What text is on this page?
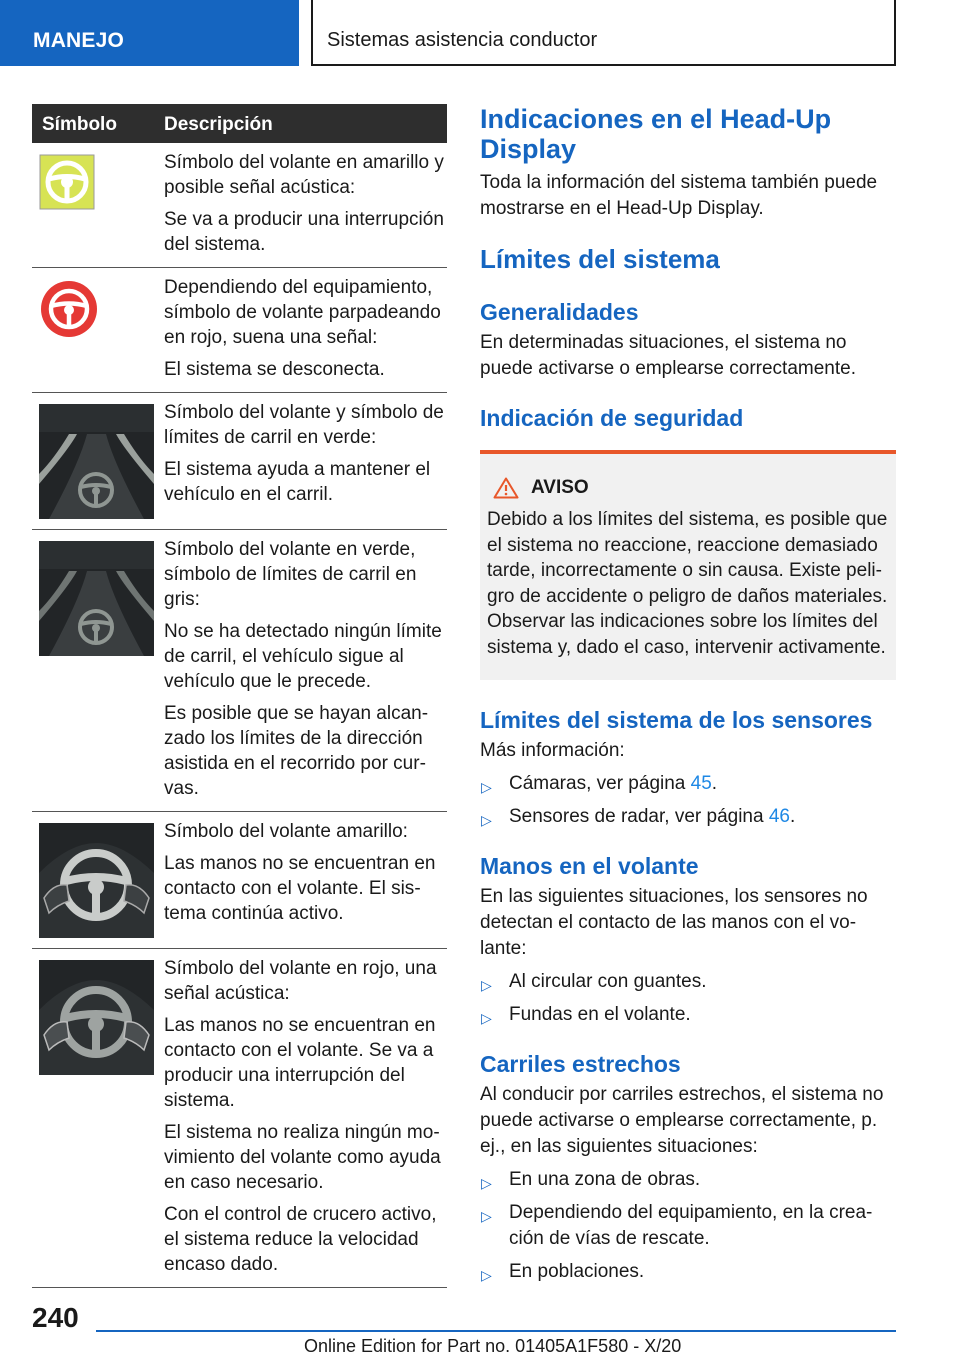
MANEJO	Sistemas asistencia conductor
Símbolo Descripción

Símbolo del volante en amarillo y posible señal acústica:

Se va a producir una interrupción del sistema.

Dependiendo del equipamiento, símbolo de volante parpadeando en rojo, suena una señal:

El sistema se desconecta.

Símbolo del volante y símbolo de límites de carril en verde:

El sistema ayuda a mantener el vehículo en el carril.

Símbolo del volante en verde, símbolo de límites de carril en gris:

No se ha detectado ningún límite de carril, el vehículo sigue al vehículo que le precede.

Es posible que se hayan alcanzado los límites de la dirección asistida en el recorrido por curvas.

Símbolo del volante amarillo:

Las manos no se encuentran en contacto con el volante. El sistema continúa activo.

Símbolo del volante en rojo, una señal acústica:

Las manos no se encuentran en contacto con el volante. Se va a producir una interrupción del sistema.

El sistema no realiza ningún movimiento del volante como ayuda en caso necesario.

Con el control de crucero activo, el sistema reduce la velocidad encaso dado.

Indicaciones en el Head-Up Display

Toda la información del sistema también puede mostrarse en el Head-Up Display.

Límites del sistema
Generalidades

En determinadas situaciones, el sistema no puede activarse o emplearse correctamente.

Indicación de seguridad
AVISO

Debido a los límites del sistema, es posible que el sistema no reaccione, reaccione demasiado tarde, incorrectamente o sin causa. Existe peligro de accidente o peligro de daños materiales. Observar las indicaciones sobre los límites del sistema y, dado el caso, intervenir activamente.

Límites del sistema de los sensores

Más información:

▷ Cámaras, ver página 45.
▷ Sensores de radar, ver página 46.
Manos en el volante

En las siguientes situaciones, los sensores no detectan el contacto de las manos con el volante:

▷ Al circular con guantes.
▷ Fundas en el volante.
Carriles estrechos

Al conducir por carriles estrechos, el sistema no puede activarse o emplearse correctamente, p. ej., en las siguientes situaciones:

▷ En una zona de obras.
▷ Dependiendo del equipamiento, en la creación de vías de rescate.
▷ En poblaciones.
240
Online Edition for Part no. 01405A1F580 - X/20
